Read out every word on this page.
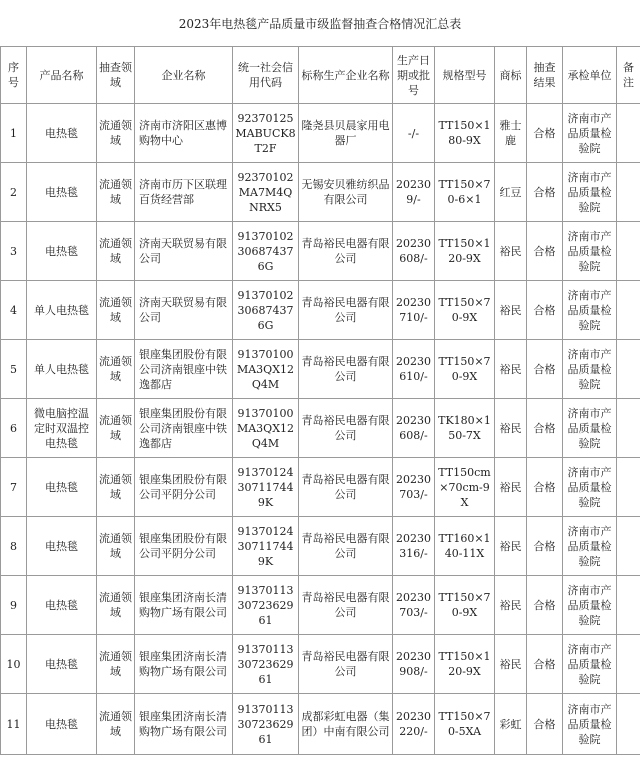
2023年电热毯产品质量市级监督抽查合格情况汇总表
序号	产品名称	抽查领域	企业名称	统一社会信用代码	标称生产企业名称	生产日期或批号	规格型号	商标	抽查结果	承检单位	备注
1	电热毯	流通领域	济南市济阳区惠博购物中心	92370125MABUCK8T2F	隆尧县贝晨家用电器厂	-/-	TT150×180-9X	雅士鹿	合格	济南市产品质量检验院	
2	电热毯	流通领域	济南市历下区联理百货经营部	92370102MA7M4QNRX5	无锡安贝雅纺织品有限公司	202309/-	TT150×70-6×1	红豆	合格	济南市产品质量检验院	
3	电热毯	流通领域	济南天联贸易有限公司	91370102306874376G	青岛裕民电器有限公司	20230608/-	TT150×120-9X	裕民	合格	济南市产品质量检验院	
4	单人电热毯	流通领域	济南天联贸易有限公司	91370102306874376G	青岛裕民电器有限公司	20230710/-	TT150×70-9X	裕民	合格	济南市产品质量检验院	
5	单人电热毯	流通领域	银座集团股份有限公司济南银座中铁逸都店	91370100MA3QX12Q4M	青岛裕民电器有限公司	20230610/-	TT150×70-9X	裕民	合格	济南市产品质量检验院	
6	微电脑控温定时双温控电热毯	流通领域	银座集团股份有限公司济南银座中铁逸都店	91370100MA3QX12Q4M	青岛裕民电器有限公司	20230608/-	TK180×150-7X	裕民	合格	济南市产品质量检验院	
7	电热毯	流通领域	银座集团股份有限公司平阴分公司	91370124307117449K	青岛裕民电器有限公司	20230703/-	TT150cm×70cm-9X	裕民	合格	济南市产品质量检验院	
8	电热毯	流通领域	银座集团股份有限公司平阴分公司	91370124307117449K	青岛裕民电器有限公司	20230316/-	TT160×140-11X	裕民	合格	济南市产品质量检验院	
9	电热毯	流通领域	银座集团济南长清购物广场有限公司	913701133072362961	青岛裕民电器有限公司	20230703/-	TT150×70-9X	裕民	合格	济南市产品质量检验院	
10	电热毯	流通领域	银座集团济南长清购物广场有限公司	913701133072362961	青岛裕民电器有限公司	20230908/-	TT150×120-9X	裕民	合格	济南市产品质量检验院	
11	电热毯	流通领域	银座集团济南长清购物广场有限公司	913701133072362961	成都彩虹电器（集团）中南有限公司	20230220/-	TT150×70-5XA	彩虹	合格	济南市产品质量检验院	
